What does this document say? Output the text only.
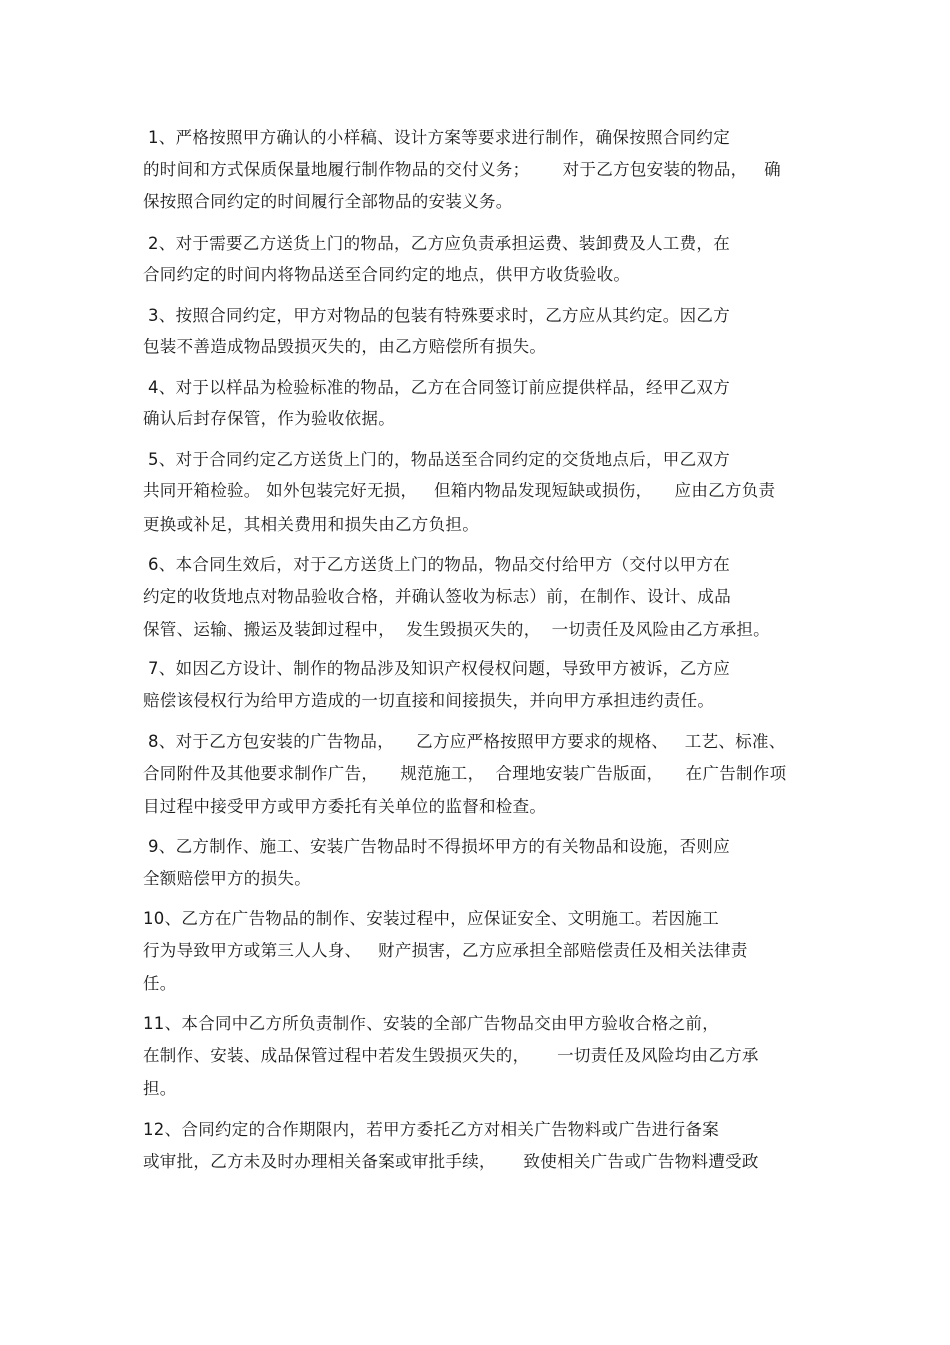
1、严格按照甲方确认的小样稿、设计方案等要求进行制作，确保按照合同约定
的时间和方式保质保量地履行制作物品的交付义务；      对于乙方包安装的物品，   确
保按照合同约定的时间履行全部物品的安装义务。
2、对于需要乙方送货上门的物品，乙方应负责承担运费、装卸费及人工费，在
合同约定的时间内将物品送至合同约定的地点，供甲方收货验收。
3、按照合同约定，甲方对物品的包装有特殊要求时，乙方应从其约定。因乙方
包装不善造成物品毁损灭失的，由乙方赔偿所有损失。
4、对于以样品为检验标准的物品，乙方在合同签订前应提供样品，经甲乙双方
确认后封存保管，作为验收依据。
5、对于合同约定乙方送货上门的，物品送至合同约定的交货地点后，甲乙双方
共同开箱检验。 如外包装完好无损，   但箱内物品发现短缺或损伤，    应由乙方负责
更换或补足，其相关费用和损失由乙方负担。
6、本合同生效后，对于乙方送货上门的物品，物品交付给甲方（交付以甲方在
约定的收货地点对物品验收合格，并确认签收为标志）前，在制作、设计、成品
保管、运输、搬运及装卸过程中，  发生毁损灭失的，  一切责任及风险由乙方承担。
7、如因乙方设计、制作的物品涉及知识产权侵权问题，导致甲方被诉，乙方应
赔偿该侵权行为给甲方造成的一切直接和间接损失，并向甲方承担违约责任。
8、对于乙方包安装的广告物品，    乙方应严格按照甲方要求的规格、   工艺、标准、
合同附件及其他要求制作广告，    规范施工，  合理地安装广告版面，    在广告制作项
目过程中接受甲方或甲方委托有关单位的监督和检查。
9、乙方制作、施工、安装广告物品时不得损坏甲方的有关物品和设施，否则应
全额赔偿甲方的损失。
10、乙方在广告物品的制作、安装过程中，应保证安全、文明施工。若因施工
行为导致甲方或第三人人身、   财产损害，乙方应承担全部赔偿责任及相关法律责
任。
11、本合同中乙方所负责制作、安装的全部广告物品交由甲方验收合格之前，
在制作、安装、成品保管过程中若发生毁损灭失的，     一切责任及风险均由乙方承
担。
12、合同约定的合作期限内，若甲方委托乙方对相关广告物料或广告进行备案
或审批，乙方未及时办理相关备案或审批手续，     致使相关广告或广告物料遭受政
